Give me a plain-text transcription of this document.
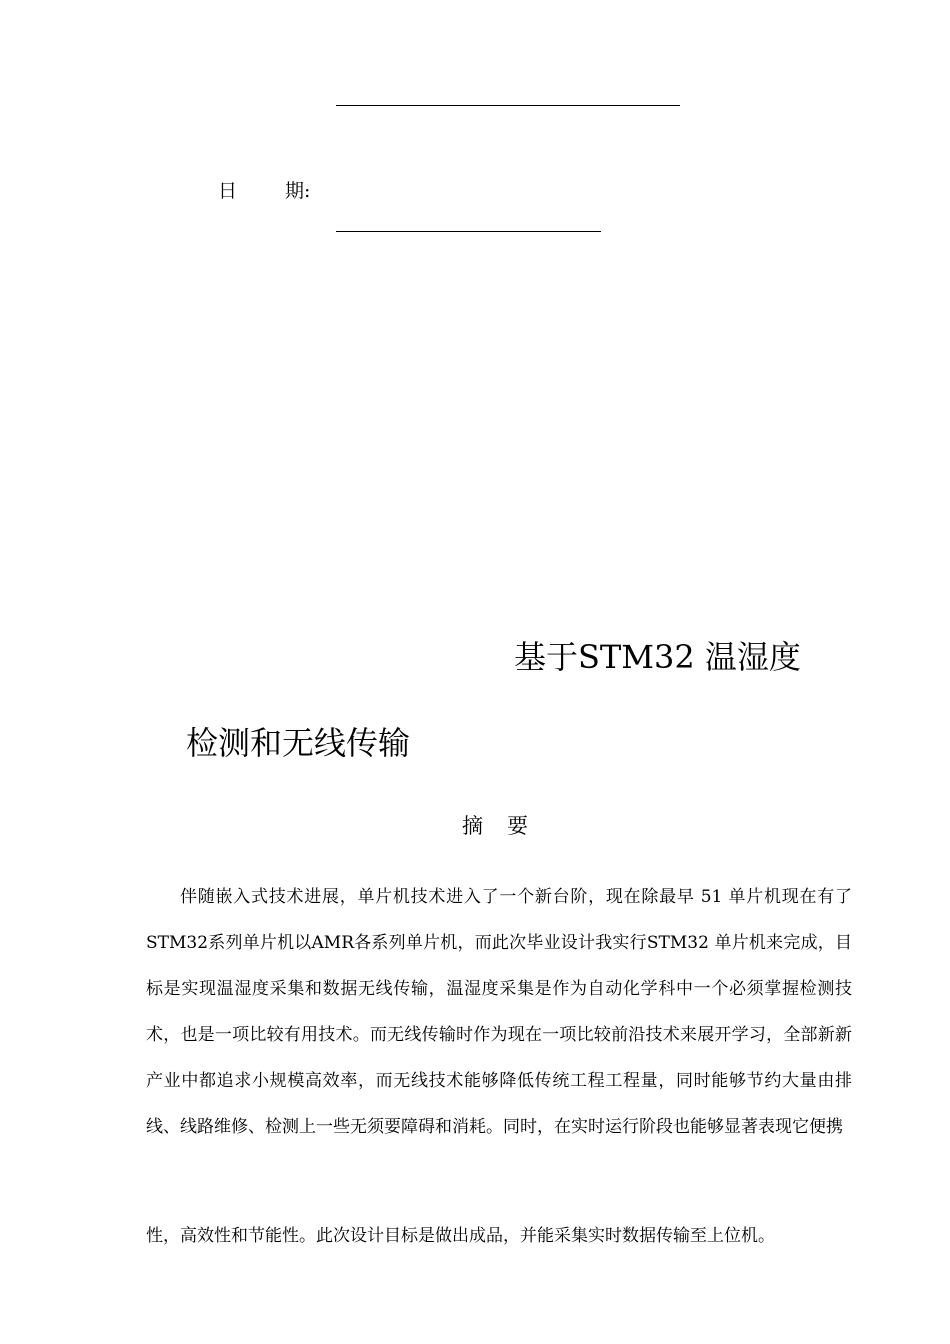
日	期:
基于STM32 温湿度
检测和无线传输
摘 要

伴随嵌入式技术进展，单片机技术进入了一个新台阶，现在除最早 51 单片机现在有了STM32系列单片机以AMR各系列单片机，而此次毕业设计我实行STM32 单片机来完成，目标是实现温湿度采集和数据无线传输，温湿度采集是作为自动化学科中一个必须掌握检测技术，也是一项比较有用技术。而无线传输时作为现在一项比较前沿技术来展开学习，全部新新产业中都追求小规模高效率，而无线技术能够降低传统工程工程量，同时能够节约大量由排线、线路维修、检测上一些无须要障碍和消耗。同时，在实时运行阶段也能够显著表现它便携

性，高效性和节能性。此次设计目标是做出成品，并能采集实时数据传输至上位机。
